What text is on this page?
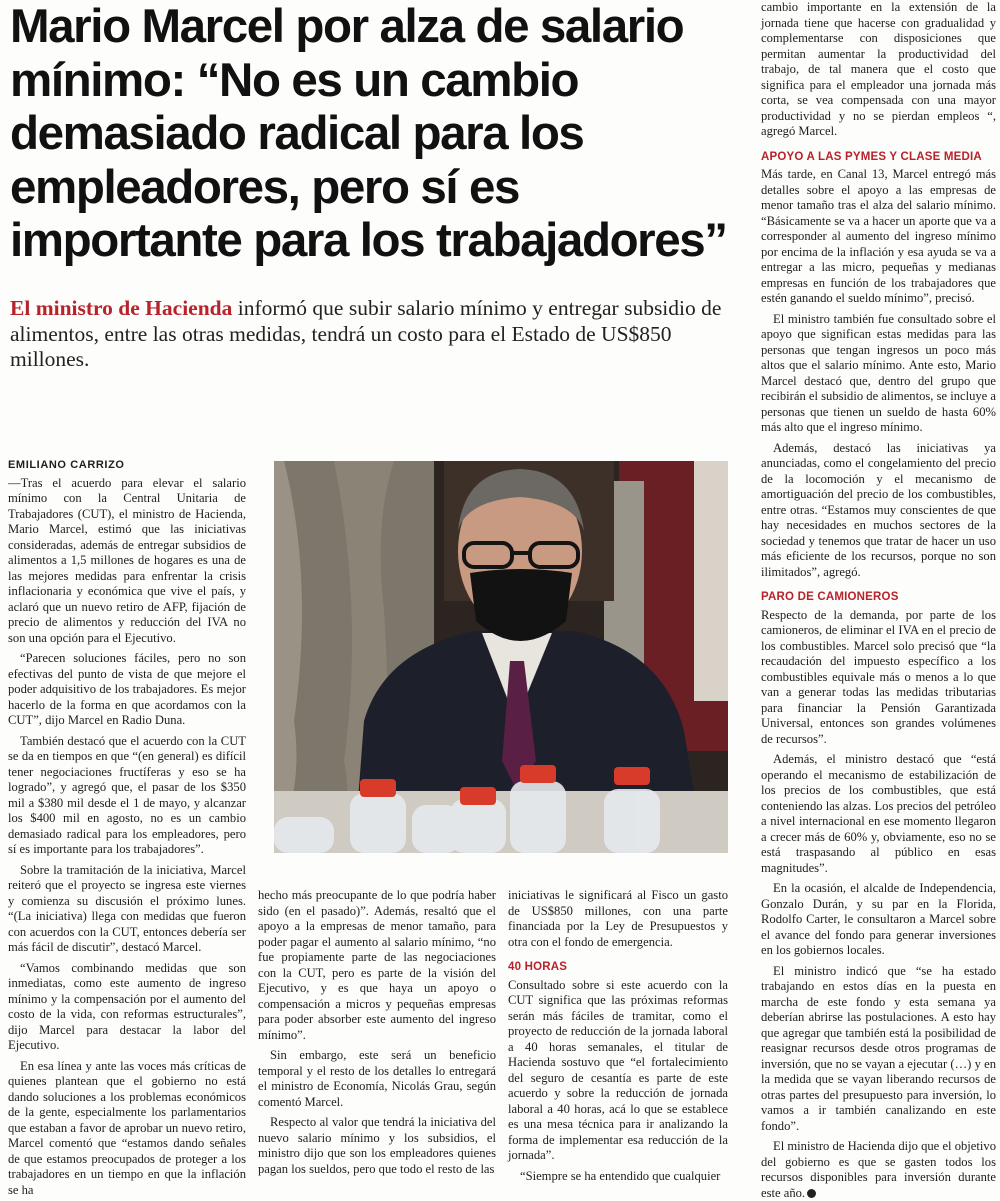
Mario Marcel por alza de salario mínimo: “No es un cambio demasiado radical para los empleadores, pero sí es importante para los trabajadores”

El ministro de Hacienda informó que subir salario mínimo y entregar subsidio de alimentos, entre las otras medidas, tendrá un costo para el Estado de US$850 millones.

EMILIANO CARRIZO

—Tras el acuerdo para elevar el salario mínimo con la Central Unitaria de Trabajadores (CUT), el ministro de Hacienda, Mario Marcel, estimó que las iniciativas consideradas, además de entregar subsidios de alimentos a 1,5 millones de hogares es una de las mejores medidas para enfrentar la crisis inflacionaria y económica que vive el país, y aclaró que un nuevo retiro de AFP, fijación de precio de alimentos y reducción del IVA no son una opción para el Ejecutivo.

“Parecen soluciones fáciles, pero no son efectivas del punto de vista de que mejore el poder adquisitivo de los trabajadores. Es mejor hacerlo de la forma en que acordamos con la CUT”, dijo Marcel en Radio Duna.

También destacó que el acuerdo con la CUT se da en tiempos en que “(en general) es difícil tener negociaciones fructíferas y eso se ha logrado”, y agregó que, el pasar de los $350 mil a $380 mil desde el 1 de mayo, y alcanzar los $400 mil en agosto, no es un cambio demasiado radical para los empleadores, pero sí es importante para los trabajadores”.

Sobre la tramitación de la iniciativa, Marcel reiteró que el proyecto se ingresa este viernes y comienza su discusión el próximo lunes. “(La iniciativa) llega con medidas que fueron con acuerdos con la CUT, entonces debería ser más fácil de discutir”, destacó Marcel.

“Vamos combinando medidas que son inmediatas, como este aumento de ingreso mínimo y la compensación por el aumento del costo de la vida, con reformas estructurales”, dijo Marcel para destacar la labor del Ejecutivo.

En esa línea y ante las voces más críticas de quienes plantean que el gobierno no está dando soluciones a los problemas económicos de la gente, especialmente los parlamentarios que estaban a favor de aprobar un nuevo retiro, Marcel comentó que “estamos dando señales de que estamos preocupados de proteger a los trabajadores en un tiempo en que la inflación se ha

hecho más preocupante de lo que podría haber sido (en el pasado)”. Además, resaltó que el apoyo a la empresas de menor tamaño, para poder pagar el aumento al salario mínimo, “no fue propiamente parte de las negociaciones con la CUT, pero es parte de la visión del Ejecutivo, y es que haya un apoyo o compensación a micros y pequeñas empresas para poder absorber este aumento del ingreso mínimo”.

Sin embargo, este será un beneficio temporal y el resto de los detalles lo entregará el ministro de Economía, Nicolás Grau, según comentó Marcel.

Respecto al valor que tendrá la iniciativa del nuevo salario mínimo y los subsidios, el ministro dijo que son los empleadores quienes pagan los sueldos, pero que todo el resto de las

iniciativas le significará al Fisco un gasto de US$850 millones, con una parte financiada por la Ley de Presupuestos y otra con el fondo de emergencia.

40 HORAS

Consultado sobre si este acuerdo con la CUT significa que las próximas reformas serán más fáciles de tramitar, como el proyecto de reducción de la jornada laboral a 40 horas semanales, el titular de Hacienda sostuvo que “el fortalecimiento del seguro de cesantía es parte de este acuerdo y sobre la reducción de jornada laboral a 40 horas, acá lo que se establece es una mesa técnica para ir analizando la forma de implementar esa reducción de la jornada”.

“Siempre se ha entendido que cualquier

cambio importante en la extensión de la jornada tiene que hacerse con gradualidad y complementarse con disposiciones que permitan aumentar la productividad del trabajo, de tal manera que el costo que significa para el empleador una jornada más corta, se vea compensada con una mayor productividad y no se pierdan empleos “, agregó Marcel.

APOYO A LAS PYMES Y CLASE MEDIA

Más tarde, en Canal 13, Marcel entregó más detalles sobre el apoyo a las empresas de menor tamaño tras el alza del salario mínimo. “Básicamente se va a hacer un aporte que va a corresponder al aumento del ingreso mínimo por encima de la inflación y esa ayuda se va a entregar a las micro, pequeñas y medianas empresas en función de los trabajadores que estén ganando el sueldo mínimo”, precisó.

El ministro también fue consultado sobre el apoyo que significan estas medidas para las personas que tengan ingresos un poco más altos que el salario mínimo. Ante esto, Mario Marcel destacó que, dentro del grupo que recibirán el subsidio de alimentos, se incluye a personas que tienen un sueldo de hasta 60% más alto que el ingreso mínimo.

Además, destacó las iniciativas ya anunciadas, como el congelamiento del precio de la locomoción y el mecanismo de amortiguación del precio de los combustibles, entre otras. “Estamos muy conscientes de que hay necesidades en muchos sectores de la sociedad y tenemos que tratar de hacer un uso más eficiente de los recursos, porque no son ilimitados”, agregó.

PARO DE CAMIONEROS

Respecto de la demanda, por parte de los camioneros, de eliminar el IVA en el precio de los combustibles. Marcel solo precisó que “la recaudación del impuesto específico a los combustibles equivale más o menos a lo que van a generar todas las medidas tributarias para financiar la Pensión Garantizada Universal, entonces son grandes volúmenes de recursos”.

Además, el ministro destacó que “está operando el mecanismo de estabilización de los precios de los combustibles, que está conteniendo las alzas. Los precios del petróleo a nivel internacional en ese momento llegaron a crecer más de 60% y, obviamente, eso no se está traspasando al público en esas magnitudes”.

En la ocasión, el alcalde de Independencia, Gonzalo Durán, y su par en la Florida, Rodolfo Carter, le consultaron a Marcel sobre el avance del fondo para generar inversiones en los gobiernos locales.

El ministro indicó que “se ha estado trabajando en estos días en la puesta en marcha de este fondo y esta semana ya deberían abrirse las postulaciones. A esto hay que agregar que también está la posibilidad de reasignar recursos desde otros programas de inversión, que no se vayan a ejecutar (…) y en la medida que se vayan liberando recursos de otras partes del presupuesto para inversión, lo vamos a ir también canalizando en este fondo”.

El ministro de Hacienda dijo que el objetivo del gobierno es que se gasten todos los recursos disponibles para inversión durante este año.
